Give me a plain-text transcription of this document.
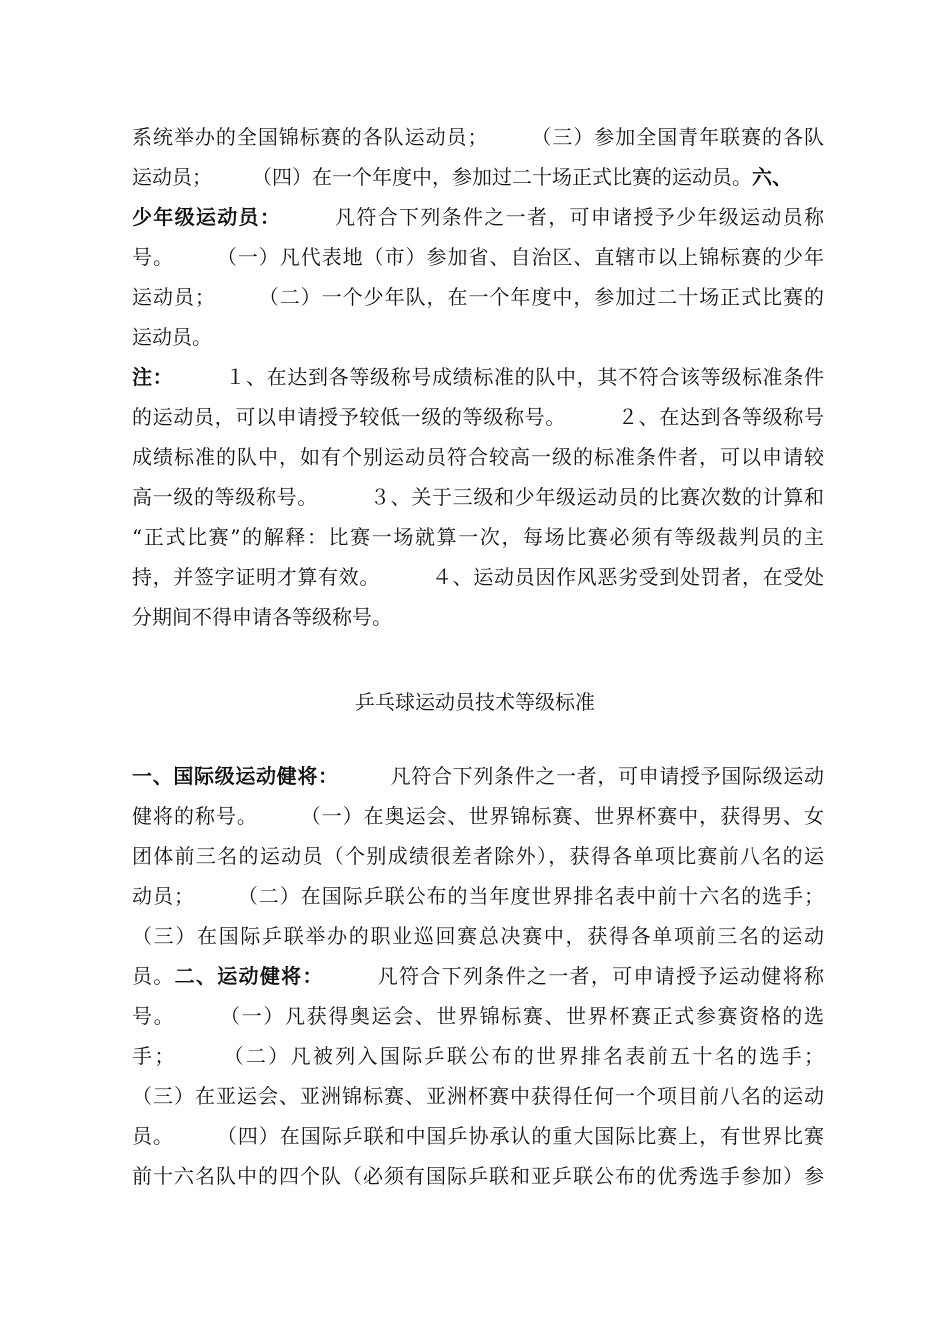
系统举办的全国锦标赛的各队运动员；　　　（三）参加全国青年联赛的各队
运动员；　　　（四）在一个年度中，参加过二十场正式比赛的运动员。六、
少年级运动员：　　　凡符合下列条件之一者，可申诸授予少年级运动员称
号。　　　（一）凡代表地（市）参加省、自治区、直辖市以上锦标赛的少年
运动员；　　　（二）一个少年队，在一个年度中，参加过二十场正式比赛的
运动员。
注：　　　１、在达到各等级称号成绩标准的队中，其不符合该等级标准条件
的运动员，可以申请授予较低一级的等级称号。　　　２、在达到各等级称号
成绩标准的队中，如有个别运动员符合较高一级的标准条件者，可以申请较
高一级的等级称号。　　　３、关于三级和少年级运动员的比赛次数的计算和
“正式比赛”的解释：比赛一场就算一次，每场比赛必须有等级裁判员的主
持，并签字证明才算有效。　　　４、运动员因作风恶劣受到处罚者，在受处
分期间不得申请各等级称号。
乒乓球运动员技术等级标准
一、国际级运动健将：　　　凡符合下列条件之一者，可申请授予国际级运动
健将的称号。　　　（一）在奥运会、世界锦标赛、世界杯赛中，获得男、女
团体前三名的运动员（个别成绩很差者除外），获得各单项比赛前八名的运
动员；　　　（二）在国际乒联公布的当年度世界排名表中前十六名的选手；
（三）在国际乒联举办的职业巡回赛总决赛中，获得各单项前三名的运动
员。二、运动健将：　　　凡符合下列条件之一者，可申请授予运动健将称
号。　　　（一）凡获得奥运会、世界锦标赛、世界杯赛正式参赛资格的选
手；　　　（二）凡被列入国际乒联公布的世界排名表前五十名的选手；
（三）在亚运会、亚洲锦标赛、亚洲杯赛中获得任何一个项目前八名的运动
员。　　　（四）在国际乒联和中国乒协承认的重大国际比赛上，有世界比赛
前十六名队中的四个队（必须有国际乒联和亚乒联公布的优秀选手参加）参
